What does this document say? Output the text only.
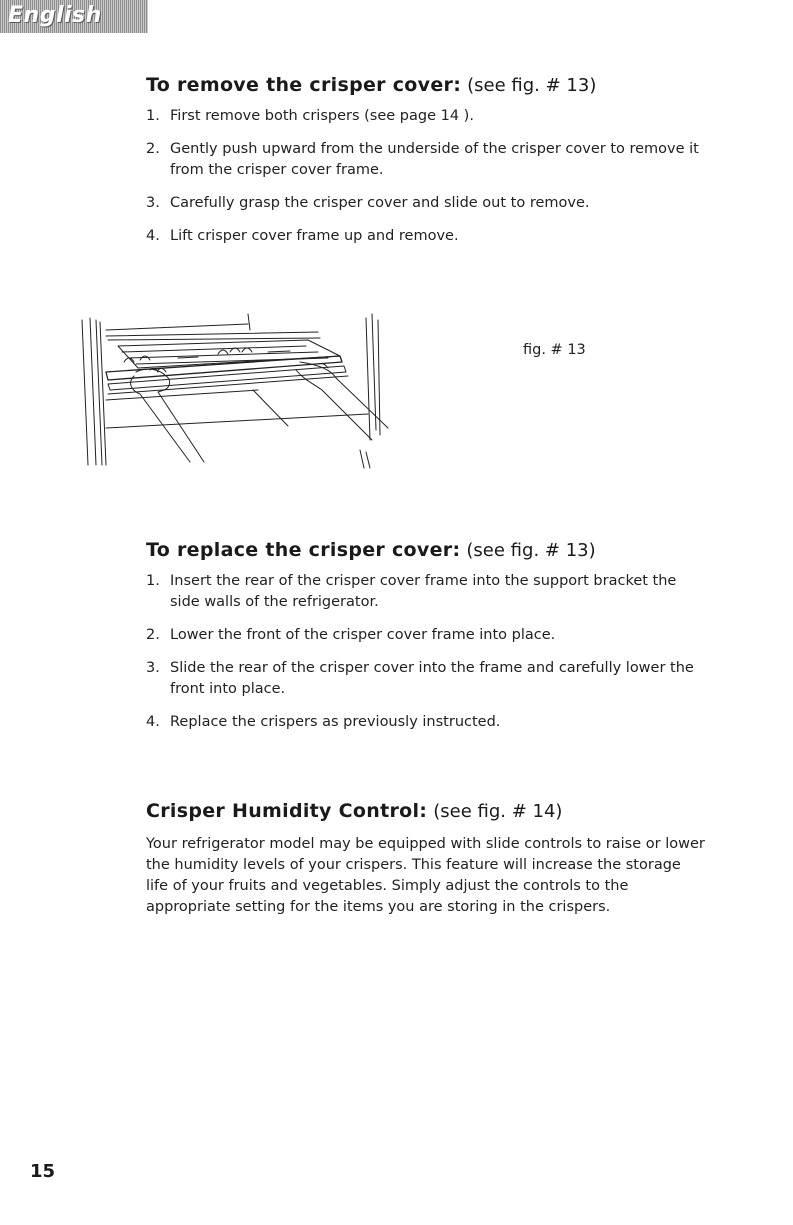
English
To remove the crisper cover: (see fig. # 13)
1. First remove both crispers (see page 14 ).
2. Gently push upward from the underside of the crisper cover to remove it from the crisper cover frame.
3. Carefully grasp the crisper cover and slide out to remove.
4. Lift crisper cover frame up and remove.
fig. # 13
To replace the crisper cover: (see fig. # 13)
1. Insert the rear of the crisper cover frame into the support bracket the side walls of the refrigerator.
2. Lower the front of the crisper cover frame into place.
3. Slide the rear of the crisper cover into the frame and carefully lower the front into place.
4. Replace the crispers as previously instructed.
Crisper Humidity Control: (see fig. # 14)

Your refrigerator model may be equipped with slide controls to raise or lower the humidity levels of your crispers. This feature will increase the storage life of your fruits and vegetables. Simply adjust the controls to the appropriate setting for the items you are storing in the crispers.

15
